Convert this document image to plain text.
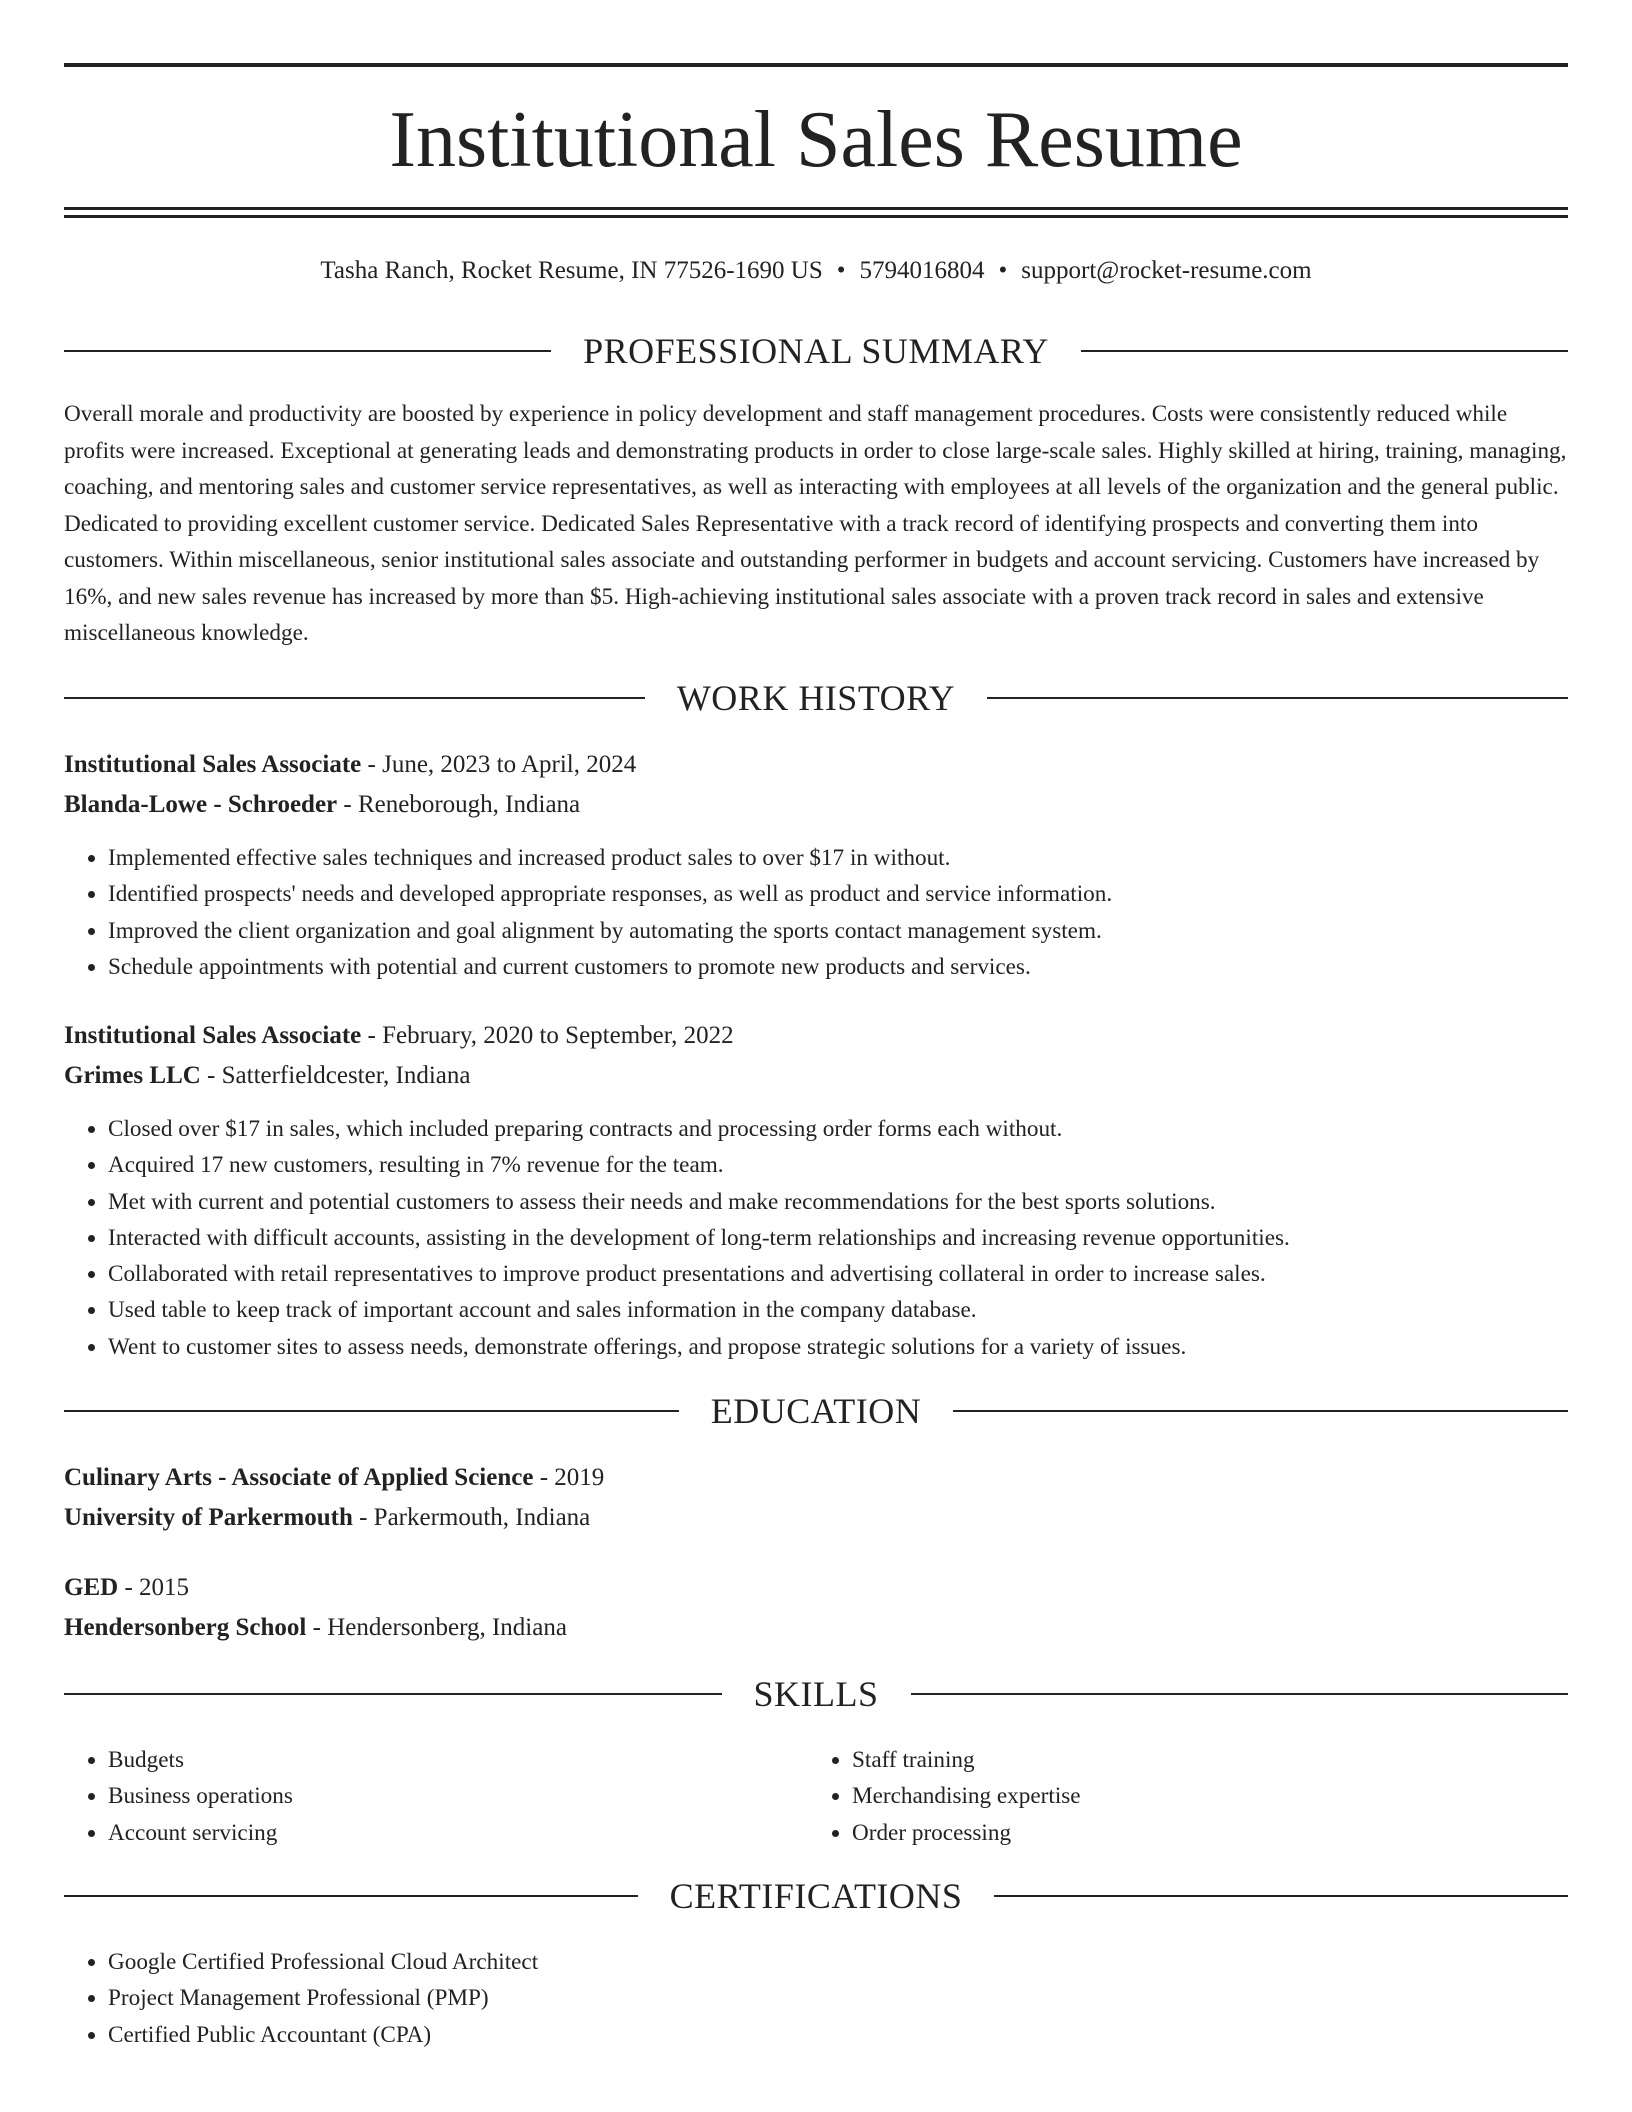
Institutional Sales Resume
Tasha Ranch, Rocket Resume, IN 77526-1690 US • 5794016804 • support@rocket-resume.com
PROFESSIONAL SUMMARY
Overall morale and productivity are boosted by experience in policy development and staff management procedures. Costs were consistently reduced while profits were increased. Exceptional at generating leads and demonstrating products in order to close large-scale sales. Highly skilled at hiring, training, managing, coaching, and mentoring sales and customer service representatives, as well as interacting with employees at all levels of the organization and the general public. Dedicated to providing excellent customer service. Dedicated Sales Representative with a track record of identifying prospects and converting them into customers. Within miscellaneous, senior institutional sales associate and outstanding performer in budgets and account servicing. Customers have increased by 16%, and new sales revenue has increased by more than $5. High-achieving institutional sales associate with a proven track record in sales and extensive miscellaneous knowledge.
WORK HISTORY
Institutional Sales Associate - June, 2023 to April, 2024
Blanda-Lowe - Schroeder - Reneborough, Indiana
• Implemented effective sales techniques and increased product sales to over $17 in without.
• Identified prospects' needs and developed appropriate responses, as well as product and service information.
• Improved the client organization and goal alignment by automating the sports contact management system.
• Schedule appointments with potential and current customers to promote new products and services.
Institutional Sales Associate - February, 2020 to September, 2022
Grimes LLC - Satterfieldcester, Indiana
• Closed over $17 in sales, which included preparing contracts and processing order forms each without.
• Acquired 17 new customers, resulting in 7% revenue for the team.
• Met with current and potential customers to assess their needs and make recommendations for the best sports solutions.
• Interacted with difficult accounts, assisting in the development of long-term relationships and increasing revenue opportunities.
• Collaborated with retail representatives to improve product presentations and advertising collateral in order to increase sales.
• Used table to keep track of important account and sales information in the company database.
• Went to customer sites to assess needs, demonstrate offerings, and propose strategic solutions for a variety of issues.
EDUCATION
Culinary Arts - Associate of Applied Science - 2019
University of Parkermouth - Parkermouth, Indiana
GED - 2015
Hendersonberg School - Hendersonberg, Indiana
SKILLS
• Budgets
• Business operations
• Account servicing
• Staff training
• Merchandising expertise
• Order processing
CERTIFICATIONS
• Google Certified Professional Cloud Architect
• Project Management Professional (PMP)
• Certified Public Accountant (CPA)
